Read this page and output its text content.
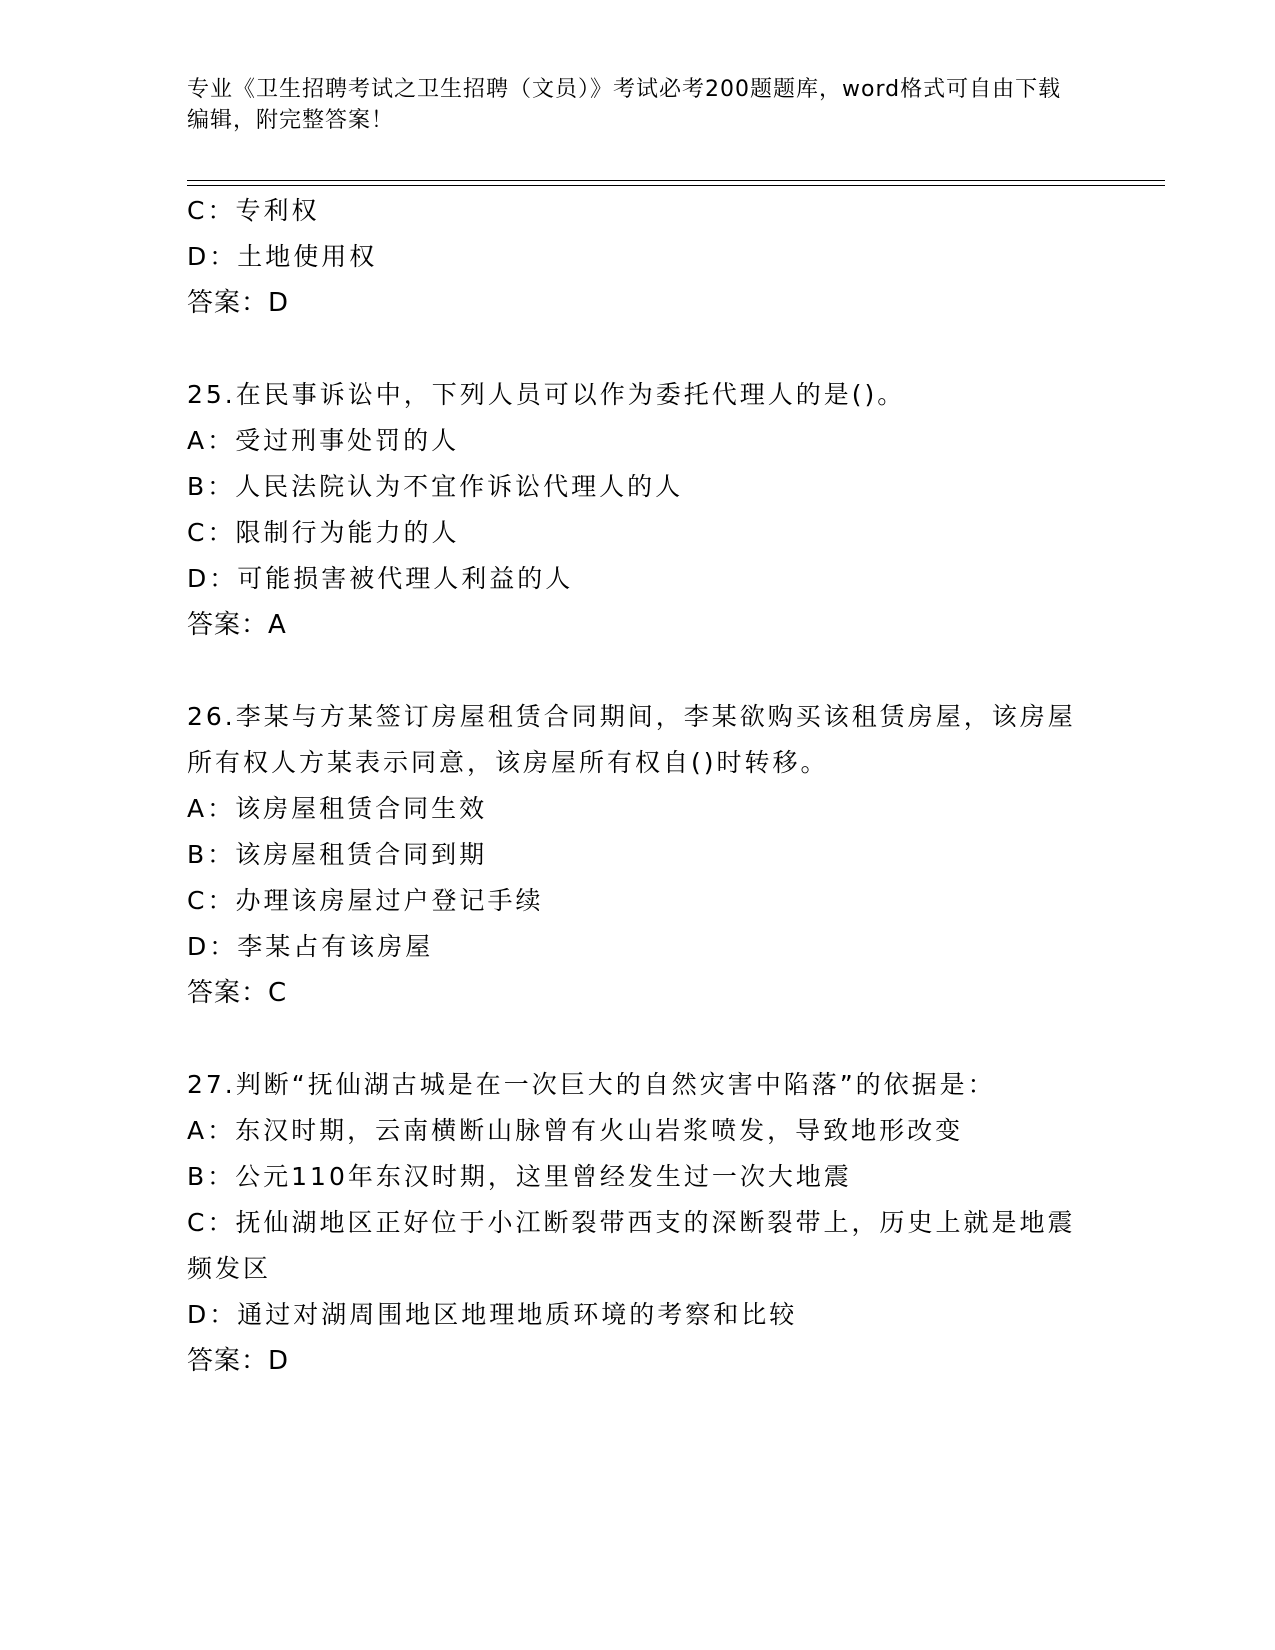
专业《卫生招聘考试之卫生招聘（文员）》考试必考200题题库，word格式可自由下载编辑，附完整答案！
C：专利权
D：土地使用权
答案：D
25.在民事诉讼中，下列人员可以作为委托代理人的是()。
A：受过刑事处罚的人
B：人民法院认为不宜作诉讼代理人的人
C：限制行为能力的人
D：可能损害被代理人利益的人
答案：A
26.李某与方某签订房屋租赁合同期间，李某欲购买该租赁房屋，该房屋所有权人方某表示同意，该房屋所有权自()时转移。
A：该房屋租赁合同生效
B：该房屋租赁合同到期
C：办理该房屋过户登记手续
D：李某占有该房屋
答案：C
27.判断“抚仙湖古城是在一次巨大的自然灾害中陷落”的依据是：
A：东汉时期，云南横断山脉曾有火山岩浆喷发，导致地形改变
B：公元110年东汉时期，这里曾经发生过一次大地震
C：抚仙湖地区正好位于小江断裂带西支的深断裂带上，历史上就是地震频发区
D：通过对湖周围地区地理地质环境的考察和比较
答案：D
